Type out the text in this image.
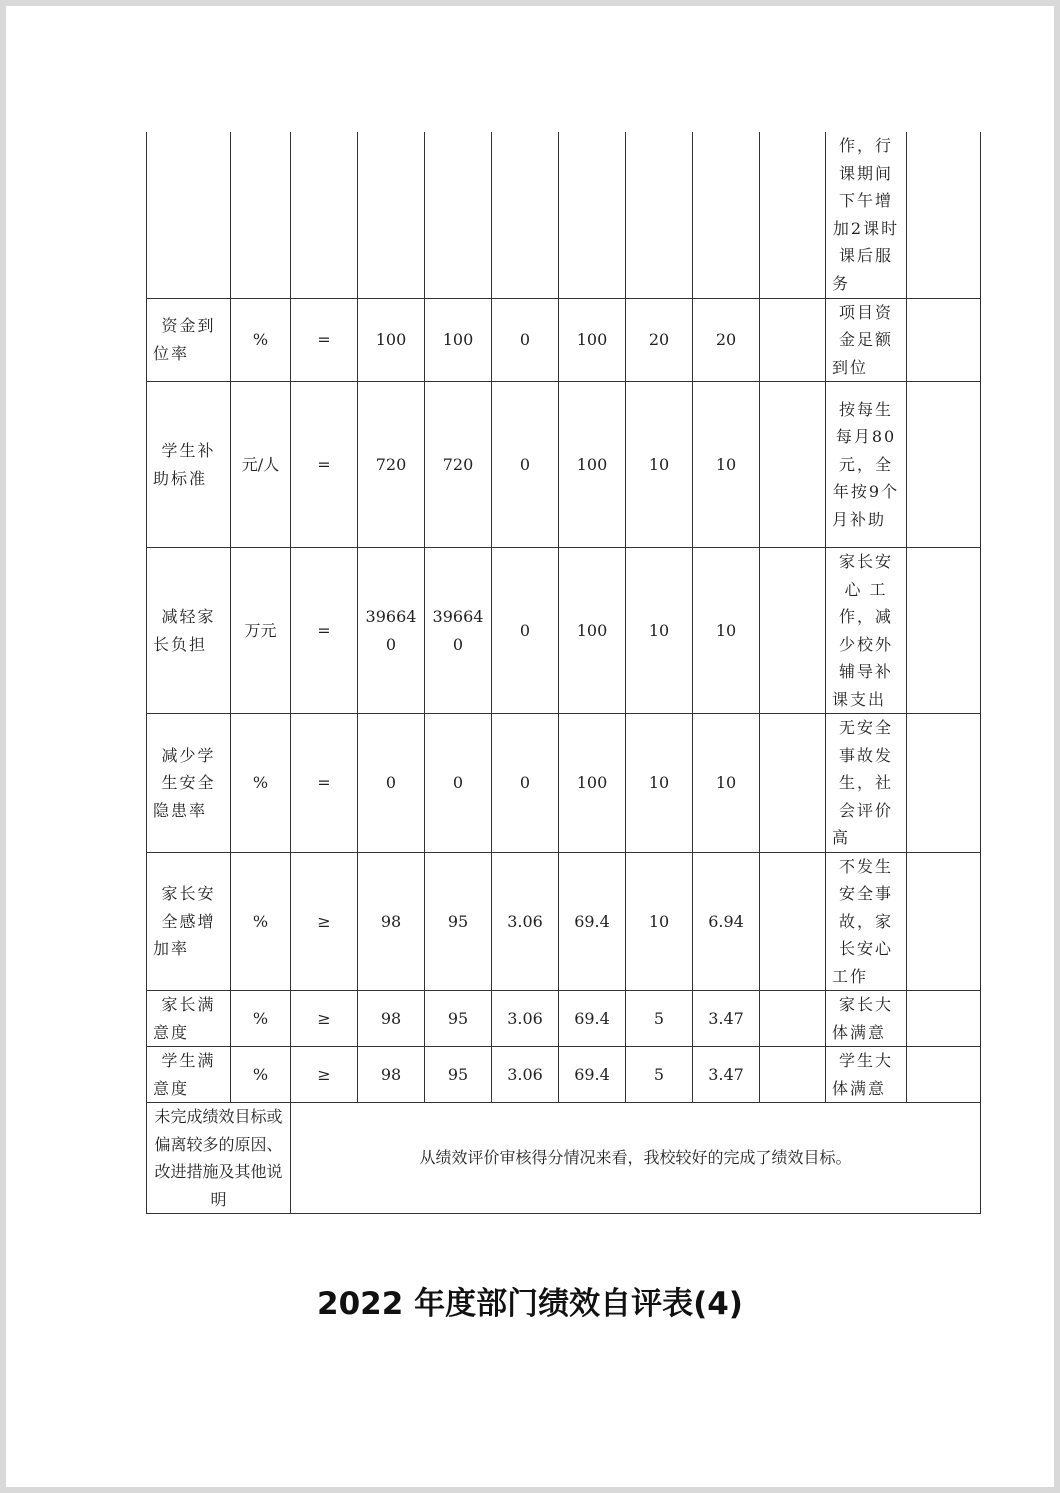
										作，行课期间下午增加2课时课后服务	
资金到位率	%	=	100	100	0	100	20	20		项目资金足额到位	
学生补助标准	元/人	=	720	720	0	100	10	10		按每生每月80元，全年按9个月补助	
减轻家长负担	万元	=	396640	396640	0	100	10	10		家长安心 工作，减少校外辅导补课支出	
减少学生安全隐患率	%	=	0	0	0	100	10	10		无安全事故发生，社会评价高	
家长安全感增加率	%	≥	98	95	3.06	69.4	10	6.94		不发生安全事故，家长安心工作	
家长满意度	%	≥	98	95	3.06	69.4	5	3.47		家长大体满意	
学生满意度	%	≥	98	95	3.06	69.4	5	3.47		学生大体满意	
未完成绩效目标或偏离较多的原因、改进措施及其他说明		从绩效评价审核得分情况来看，我校较好的完成了绩效目标。									
2022 年度部门绩效自评表(4)
